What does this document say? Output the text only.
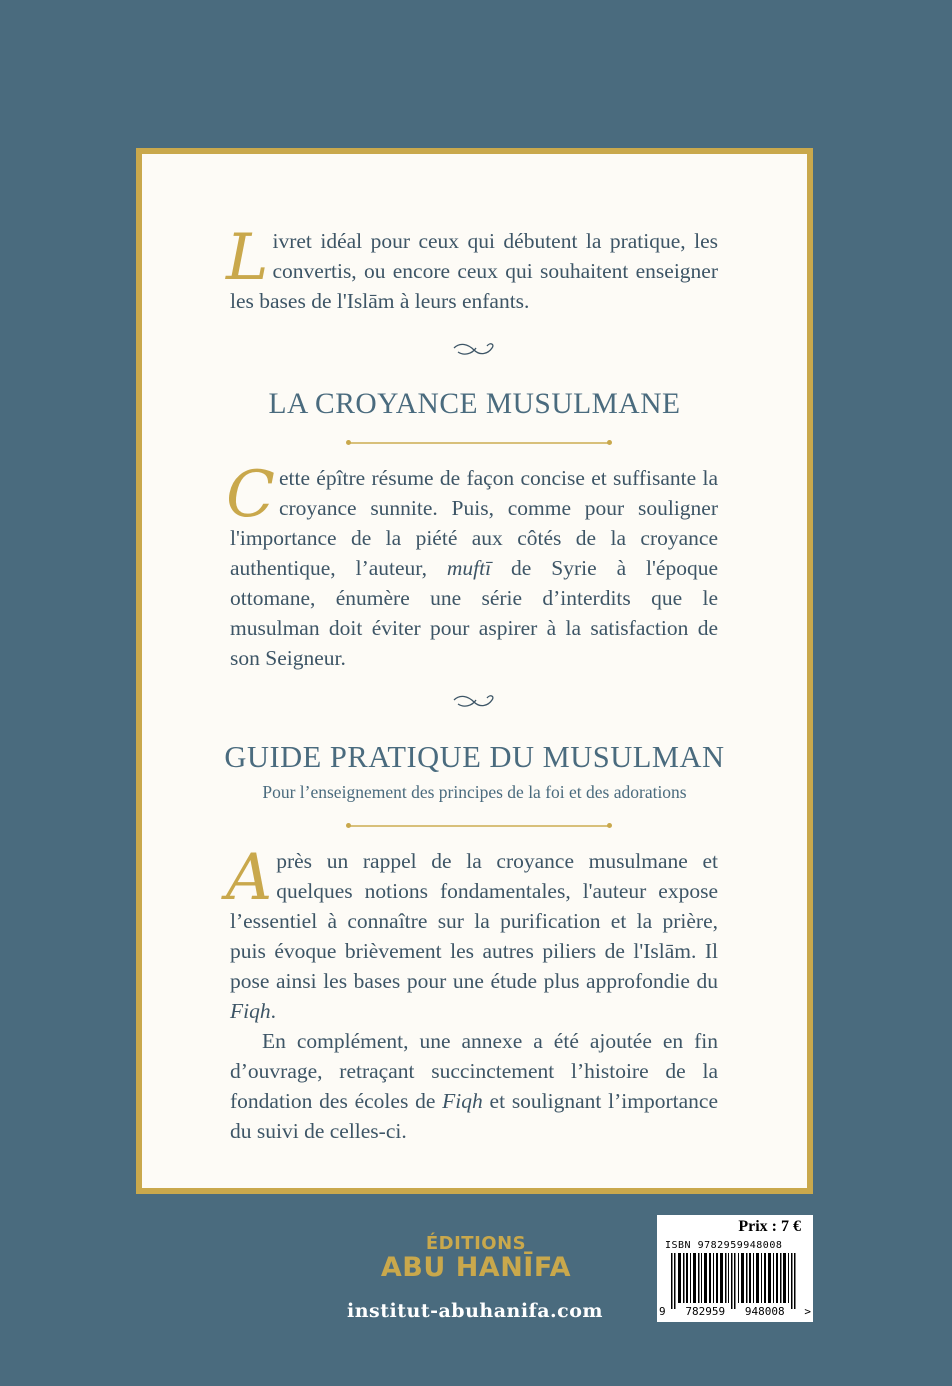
Livret idéal pour ceux qui débutent la pratique, les convertis, ou encore ceux qui souhaitent enseigner les bases de l'Islām à leurs enfants.

LA CROYANCE MUSULMANE

Cette épître résume de façon concise et suffisante la croyance sunnite. Puis, comme pour souligner l'importance de la piété aux côtés de la croyance authentique, l’auteur, muftī de Syrie à l'époque ottomane, énumère une série d’interdits que le musulman doit éviter pour aspirer à la satisfaction de son Seigneur.

GUIDE PRATIQUE DU MUSULMAN

Pour l’enseignement des principes de la foi et des adorations

Après un rappel de la croyance musulmane et quelques notions fondamentales, l'auteur expose l’essentiel à connaître sur la purification et la prière, puis évoque brièvement les autres piliers de l'Islām. Il pose ainsi les bases pour une étude plus approfondie du Fiqh.

En complément, une annexe a été ajoutée en fin d’ouvrage, retraçant succinctement l’histoire de la fondation des écoles de Fiqh et soulignant l’importance du suivi de celles-ci.

ÉDITIONS
ABU HANĪFA
institut-abuhanifa.com
Prix : 7 €
ISBN 9782959948008
9 782959 948008 >
